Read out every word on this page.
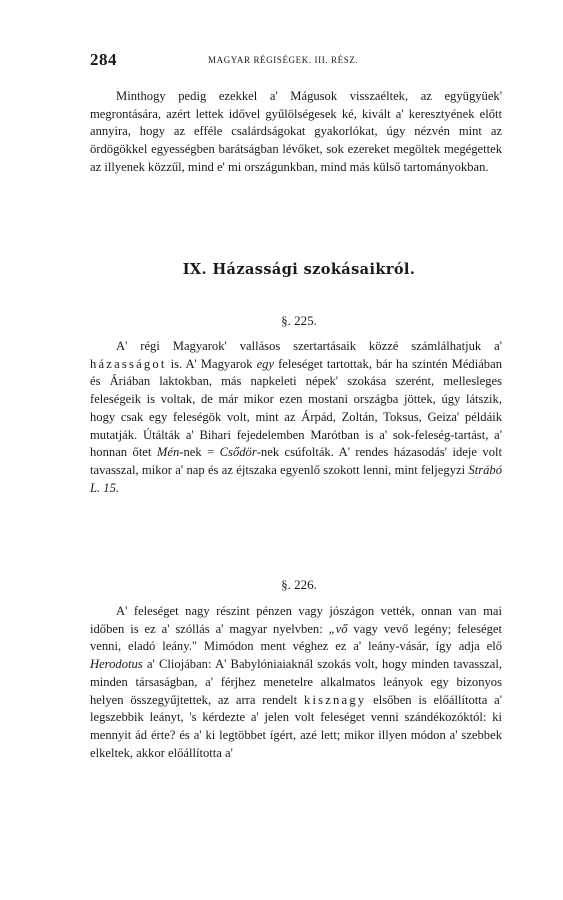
284	MAGYAR RÉGISÉGEK. III. RÉSZ.

Minthogy pedig ezekkel a' Mágusok visszaéltek, az együgyüek' megrontására, azért lettek idővel gyűlölségesek ké, kivált a' keresztyének előtt annyira, hogy az efféle csalárdságokat gyakorlókat, úgy nézvén mint az ördögökkel egyességben barátságban lévőket, sok ezereket megöltek megégettek az illyenek közzűl, mind e' mi országunkban, mind más külső tartományokban.

IX. Házassági szokásaikról.
§. 225.

A' régi Magyarok' vallásos szertartásaik közzé számlálhatjuk a' házasságot is. A' Magyarok egy feleséget tartottak, bár ha szintén Médiában és Áriában laktokban, más napkeleti népek' szokása szerént, mellesleges feleségeik is voltak, de már mikor ezen mostani országba jöttek, úgy látszik, hogy csak egy feleségök volt, mint az Árpád, Zoltán, Toksus, Geiza' példáik mutatják. Útálták a' Bihari fejedelemben Marótban is a' sok-feleség-tartást, a' honnan őtet Mén-nek = Csődör-nek csúfolták. A' rendes házasodás' ideje volt tavasszal, mikor a' nap és az éjtszaka egyenlő szokott lenni, mint feljegyzi Strábó L. 15.

§. 226.

A' feleséget nagy részint pénzen vagy jószágon vették, onnan van mai időben is ez a' szóllás a' magyar nyelvben: „vő vagy vevő legény; feleséget venni, eladó leány." Mimódon ment véghez ez a' leány-vásár, így adja elő Herodotus a' Cliojában: A' Babylóniaiaknál szokás volt, hogy minden tavasszal, minden társaságban, a' férjhez menetelre alkalmatos leányok egy bizonyos helyen összegyűjtettek, az arra rendelt kisznagy elsőben is előállította a' legszebbik leányt, 's kérdezte a' jelen volt feleséget venni szándékozóktól: ki mennyit ád érte? és a' ki legtöbbet ígért, azé lett; mikor illyen módon a' szebbek elkeltek, akkor előállította a'
